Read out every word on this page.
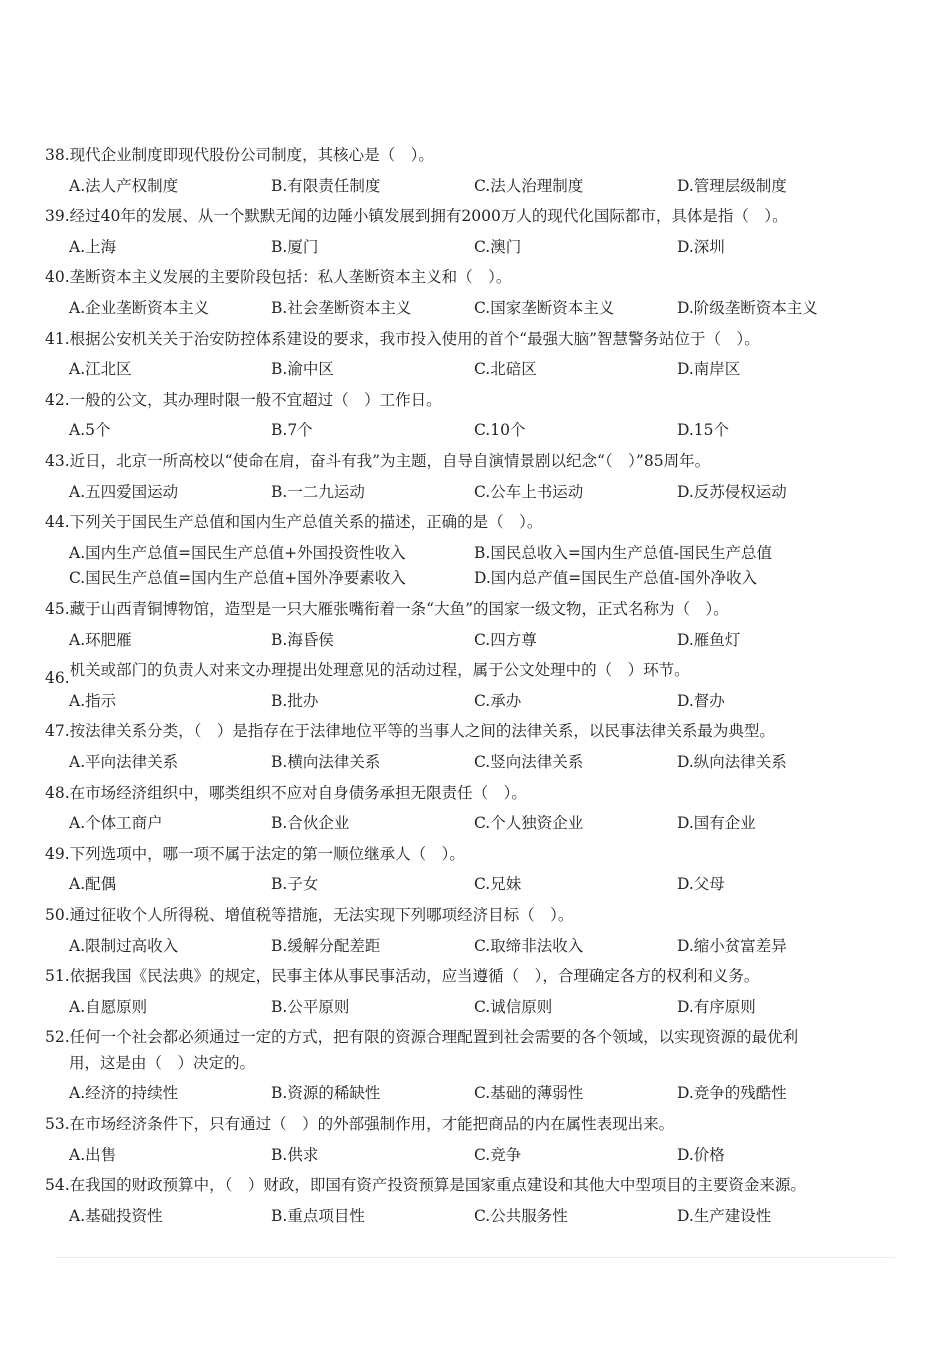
38.现代企业制度即现代股份公司制度，其核心是（　）。
A.法人产权制度	B.有限责任制度	C.法人治理制度	D.管理层级制度
39.经过40年的发展、从一个默默无闻的边陲小镇发展到拥有2000万人的现代化国际都市，具体是指（　）。
A.上海	B.厦门	C.澳门	D.深圳
40.垄断资本主义发展的主要阶段包括：私人垄断资本主义和（　）。
A.企业垄断资本主义	B.社会垄断资本主义	C.国家垄断资本主义	D.阶级垄断资本主义
41.根据公安机关关于治安防控体系建设的要求，我市投入使用的首个“最强大脑”智慧警务站位于（　）。
A.江北区	B.渝中区	C.北碚区	D.南岸区
42.一般的公文，其办理时限一般不宜超过（　）工作日。
A.5个	B.7个	C.10个	D.15个
43.近日，北京一所高校以“使命在肩，奋斗有我”为主题，自导自演情景剧以纪念“（　）”85周年。
A.五四爱国运动	B.一二九运动	C.公车上书运动	D.反苏侵权运动
44.下列关于国民生产总值和国内生产总值关系的描述，正确的是（　）。
A.国内生产总值=国民生产总值+外国投资性收入	B.国民总收入=国内生产总值-国民生产总值
C.国民生产总值=国内生产总值+国外净要素收入	D.国内总产值=国民生产总值-国外净收入
45.藏于山西青铜博物馆，造型是一只大雁张嘴衔着一条“大鱼”的国家一级文物，正式名称为（　）。
A.环肥雁	B.海昏侯	C.四方尊	D.雁鱼灯
46.机关或部门的负责人对来文办理提出处理意见的活动过程，属于公文处理中的（　）环节。
A.指示	B.批办	C.承办	D.督办
47.按法律关系分类，（　）是指存在于法律地位平等的当事人之间的法律关系，以民事法律关系最为典型。
A.平向法律关系	B.横向法律关系	C.竖向法律关系	D.纵向法律关系
48.在市场经济组织中，哪类组织不应对自身债务承担无限责任（　）。
A.个体工商户	B.合伙企业	C.个人独资企业	D.国有企业
49.下列选项中，哪一项不属于法定的第一顺位继承人（　）。
A.配偶	B.子女	C.兄妹	D.父母
50.通过征收个人所得税、增值税等措施，无法实现下列哪项经济目标（　）。
A.限制过高收入	B.缓解分配差距	C.取缔非法收入	D.缩小贫富差异
51.依据我国《民法典》的规定，民事主体从事民事活动，应当遵循（　），合理确定各方的权利和义务。
A.自愿原则	B.公平原则	C.诚信原则	D.有序原则
52.任何一个社会都必须通过一定的方式，把有限的资源合理配置到社会需要的各个领域，以实现资源的最优利
用，这是由（　）决定的。
A.经济的持续性	B.资源的稀缺性	C.基础的薄弱性	D.竞争的残酷性
53.在市场经济条件下，只有通过（　）的外部强制作用，才能把商品的内在属性表现出来。
A.出售	B.供求	C.竞争	D.价格
54.在我国的财政预算中，（　）财政，即国有资产投资预算是国家重点建设和其他大中型项目的主要资金来源。
A.基础投资性	B.重点项目性	C.公共服务性	D.生产建设性
